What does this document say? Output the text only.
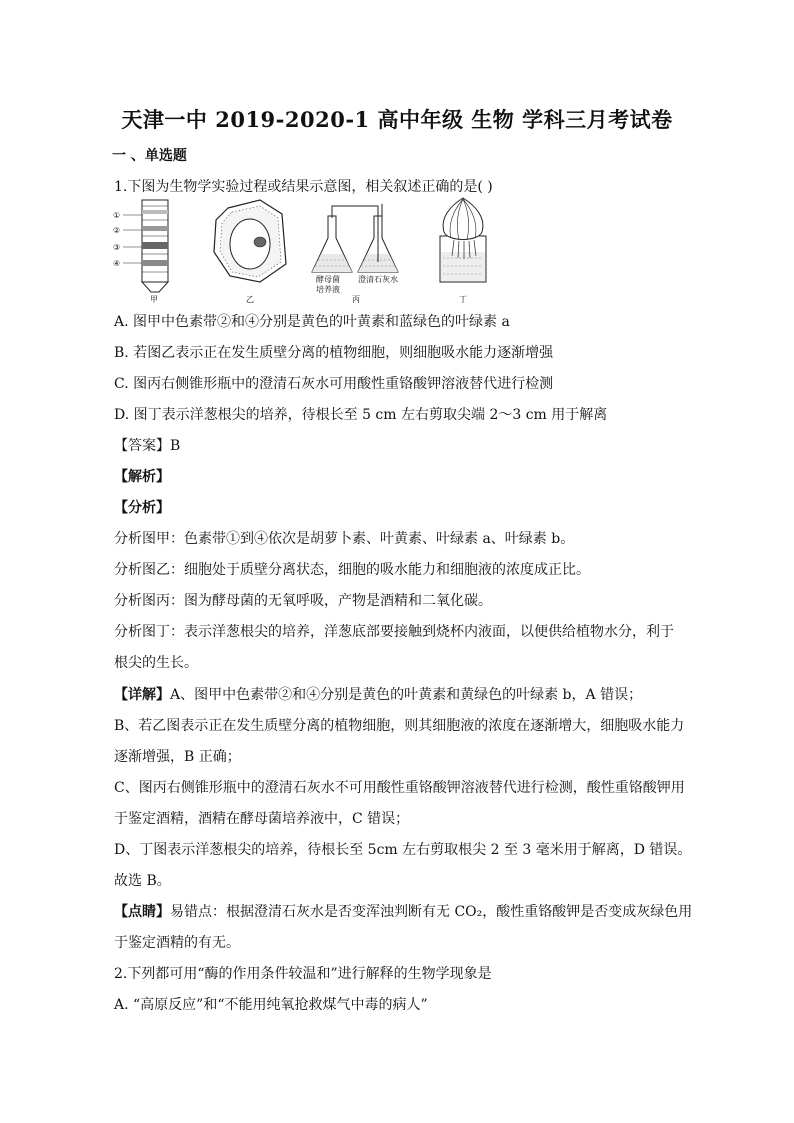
天津一中 2019-2020-1 高中年级 生物 学科三月考试卷
一 、单选题
1.下图为生物学实验过程或结果示意图，相关叙述正确的是( )
①
②
③
④
甲	乙
酵母菌
培养液
澄清石灰水
丙	丁
A. 图甲中色素带②和④分别是黄色的叶黄素和蓝绿色的叶绿素 a
B. 若图乙表示正在发生质壁分离的植物细胞，则细胞吸水能力逐渐增强
C. 图丙右侧锥形瓶中的澄清石灰水可用酸性重铬酸钾溶液替代进行检测
D. 图丁表示洋葱根尖的培养，待根长至 5 cm 左右剪取尖端 2～3 cm 用于解离
【答案】B
【解析】
【分析】
分析图甲：色素带①到④依次是胡萝卜素、叶黄素、叶绿素 a、叶绿素 b。
分析图乙：细胞处于质壁分离状态，细胞的吸水能力和细胞液的浓度成正比。
分析图丙：图为酵母菌的无氧呼吸，产物是酒精和二氧化碳。
分析图丁：表示洋葱根尖的培养，洋葱底部要接触到烧杯内液面，以便供给植物水分，利于
根尖的生长。
【详解】A、图甲中色素带②和④分别是黄色的叶黄素和黄绿色的叶绿素 b，A 错误；
B、若乙图表示正在发生质壁分离的植物细胞，则其细胞液的浓度在逐渐增大，细胞吸水能力
逐渐增强，B 正确；
C、图丙右侧锥形瓶中的澄清石灰水不可用酸性重铬酸钾溶液替代进行检测，酸性重铬酸钾用
于鉴定酒精，酒精在酵母菌培养液中，C 错误；
D、丁图表示洋葱根尖的培养，待根长至 5cm 左右剪取根尖 2 至 3 毫米用于解离，D 错误。
故选 B。
【点睛】易错点：根据澄清石灰水是否变浑浊判断有无 CO₂，酸性重铬酸钾是否变成灰绿色用
于鉴定酒精的有无。
2.下列都可用“酶的作用条件较温和”进行解释的生物学现象是
A. “高原反应”和“不能用纯氧抢救煤气中毒的病人”
